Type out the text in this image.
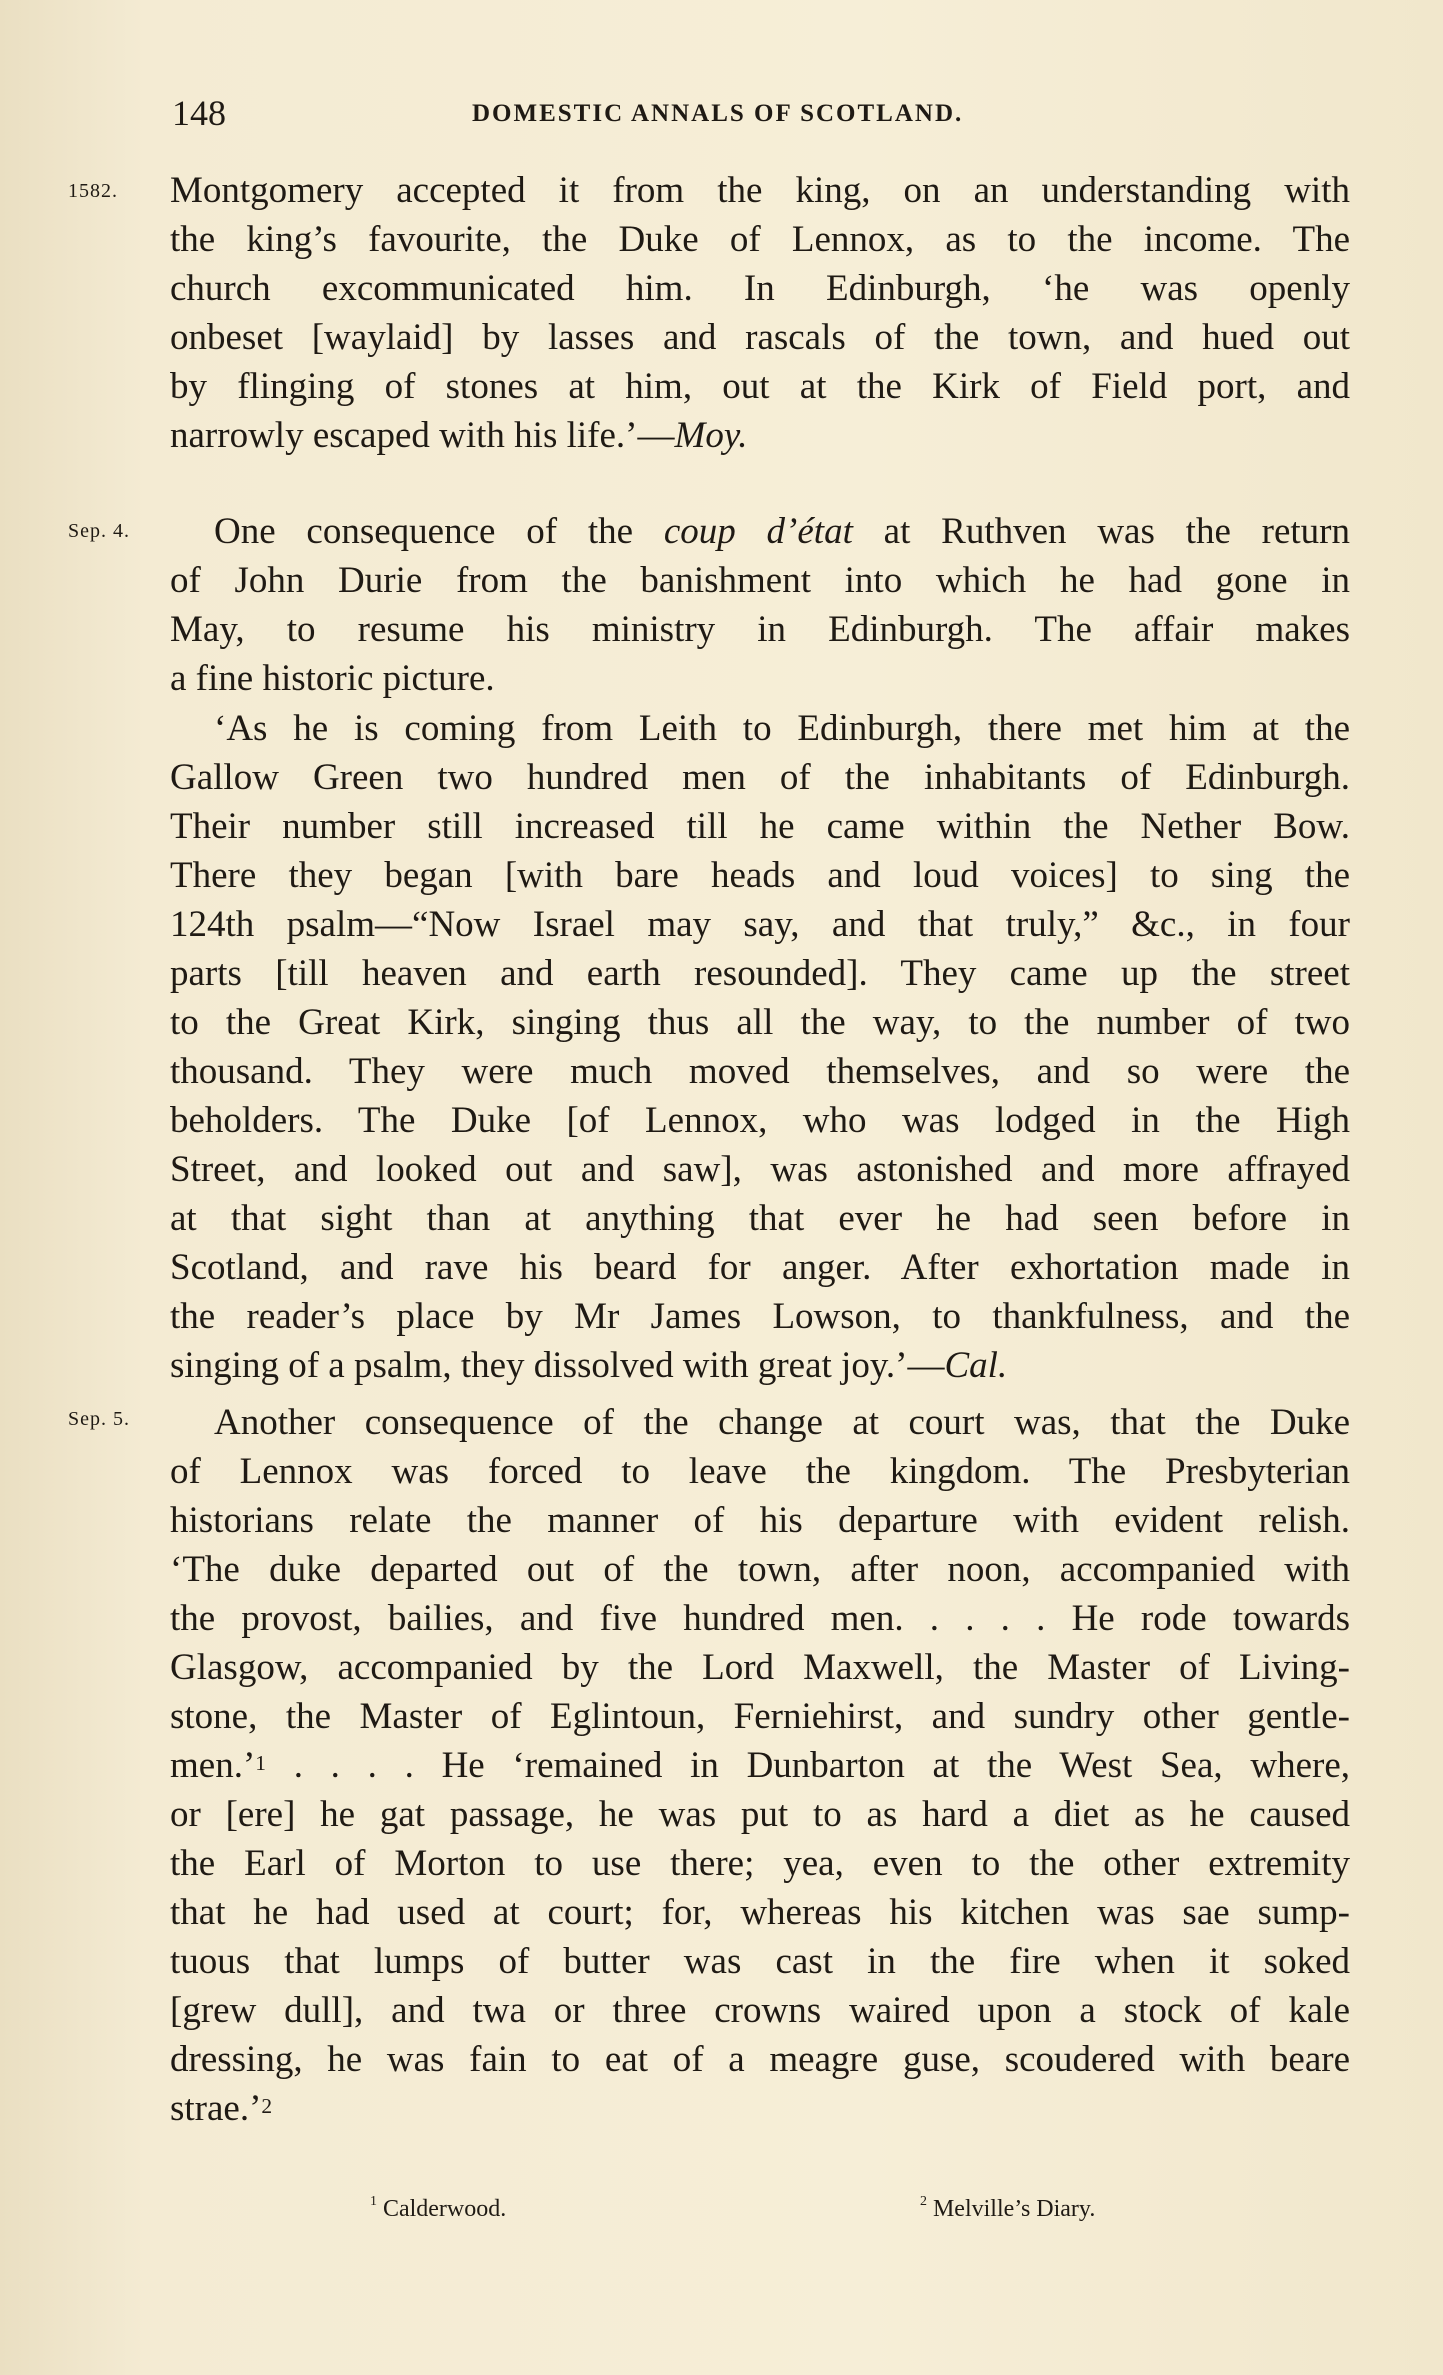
148	DOMESTIC ANNALS OF SCOTLAND.
1582.
Sep. 4.
Sep. 5.
Montgomery accepted it from the king, on an understanding with
the king’s favourite, the Duke of Lennox, as to the income. The
church excommunicated him. In Edinburgh, ‘he was openly
onbeset [waylaid] by lasses and rascals of the town, and hued out
by flinging of stones at him, out at the Kirk of Field port, and
narrowly escaped with his life.’—Moy.
One consequence of the coup d’état at Ruthven was the return
of John Durie from the banishment into which he had gone in
May, to resume his ministry in Edinburgh. The affair makes
a fine historic picture.
‘As he is coming from Leith to Edinburgh, there met him at the
Gallow Green two hundred men of the inhabitants of Edinburgh.
Their number still increased till he came within the Nether Bow.
There they began [with bare heads and loud voices] to sing the
124th psalm—“Now Israel may say, and that truly,” &c., in four
parts [till heaven and earth resounded]. They came up the street
to the Great Kirk, singing thus all the way, to the number of two
thousand. They were much moved themselves, and so were the
beholders. The Duke [of Lennox, who was lodged in the High
Street, and looked out and saw], was astonished and more affrayed
at that sight than at anything that ever he had seen before in
Scotland, and rave his beard for anger. After exhortation made in
the reader’s place by Mr James Lowson, to thankfulness, and the
singing of a psalm, they dissolved with great joy.’—Cal.
Another consequence of the change at court was, that the Duke
of Lennox was forced to leave the kingdom. The Presbyterian
historians relate the manner of his departure with evident relish.
‘The duke departed out of the town, after noon, accompanied with
the provost, bailies, and five hundred men. . . . . He rode towards
Glasgow, accompanied by the Lord Maxwell, the Master of Living-
stone, the Master of Eglintoun, Ferniehirst, and sundry other gentle-
men.’$^1$ . . . . He ‘remained in Dunbarton at the West Sea, where,
or [ere] he gat passage, he was put to as hard a diet as he caused
the Earl of Morton to use there; yea, even to the other extremity
that he had used at court; for, whereas his kitchen was sae sump-
tuous that lumps of butter was cast in the fire when it soked
[grew dull], and twa or three crowns waired upon a stock of kale
dressing, he was fain to eat of a meagre guse, scoudered with beare
strae.’$^2$
$^1$ Calderwood.	$^2$ Melville’s Diary.
